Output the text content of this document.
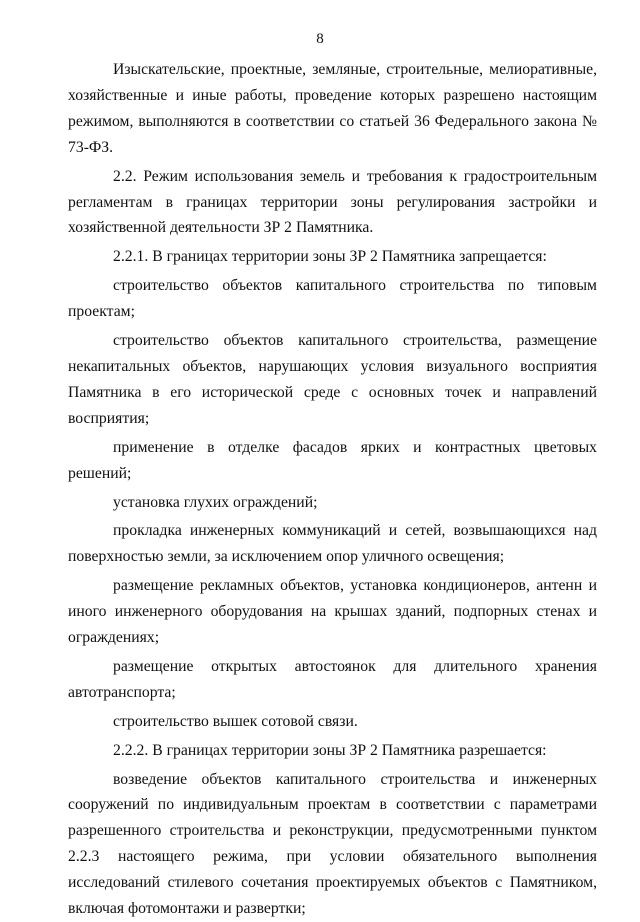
8

Изыскательские, проектные, земляные, строительные, мелиоративные, хозяйственные и иные работы, проведение которых разрешено настоящим режимом, выполняются в соответствии со статьей 36 Федерального закона № 73-ФЗ.

2.2. Режим использования земель и требования к градостроительным регламентам в границах территории зоны регулирования застройки и хозяйственной деятельности ЗР 2 Памятника.

2.2.1. В границах территории зоны ЗР 2 Памятника запрещается:

строительство объектов капитального строительства по типовым проектам;

строительство объектов капитального строительства, размещение некапитальных объектов, нарушающих условия визуального восприятия Памятника в его исторической среде с основных точек и направлений восприятия;

применение в отделке фасадов ярких и контрастных цветовых решений;

установка глухих ограждений;

прокладка инженерных коммуникаций и сетей, возвышающихся над поверхностью земли, за исключением опор уличного освещения;

размещение рекламных объектов, установка кондиционеров, антенн и иного инженерного оборудования на крышах зданий, подпорных стенах и ограждениях;

размещение открытых автостоянок для длительного хранения автотранспорта;

строительство вышек сотовой связи.

2.2.2. В границах территории зоны ЗР 2 Памятника разрешается:

возведение объектов капитального строительства и инженерных сооружений по индивидуальным проектам в соответствии с параметрами разрешенного строительства и реконструкции, предусмотренными пунктом 2.2.3 настоящего режима, при условии обязательного выполнения исследований стилевого сочетания проектируемых объектов с Памятником, включая фотомонтажи и развертки;
